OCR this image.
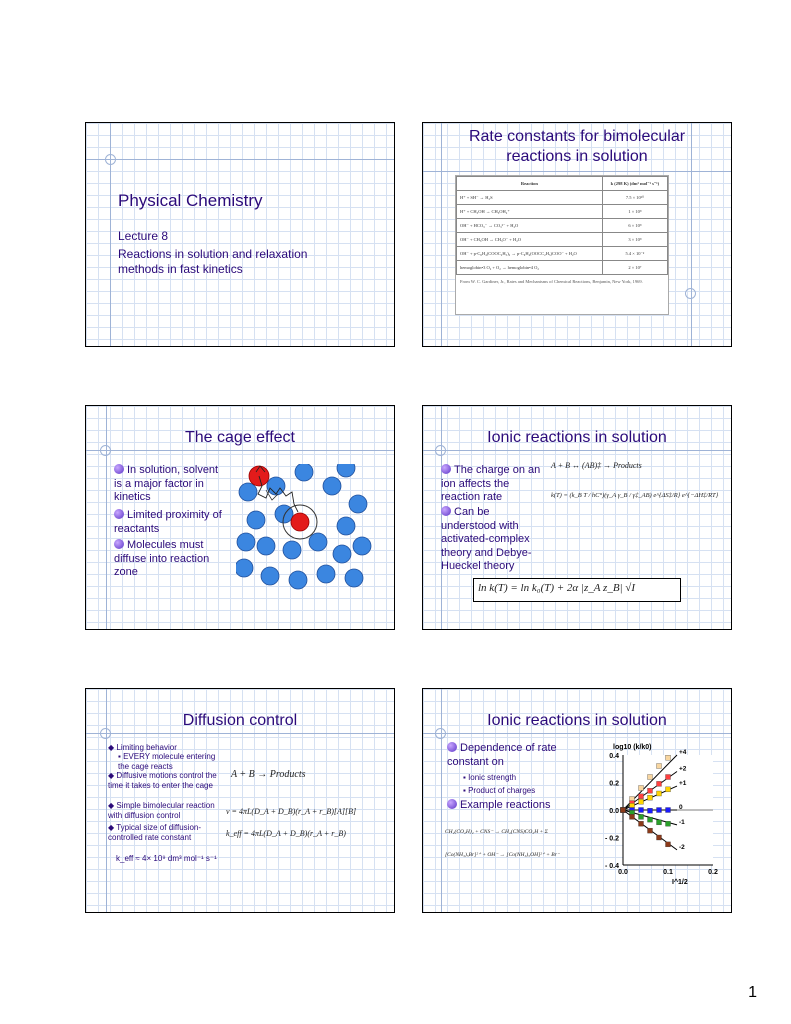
Physical Chemistry
Lecture 8
Reactions in solution and relaxation methods in fast kinetics
Rate constants for bimolecular reactions in solution
Reaction	k (298 K) (dm³ mol⁻¹ s⁻¹)
H⁺ + SH⁻ → H₂S	7.5 × 10¹⁰
H⁺ + CH₃OH → CH₃OH₂⁺	1 × 10⁹
OH⁻ + HCO₃⁻ → CO₃²⁻ + H₂O	6 × 10⁹
OH⁻ + CH₃OH → CH₃O⁻ + H₂O	3 × 10⁹
OH⁻ + p-C₆H₄(COOC₂H₅)₂ → p-C₆H₄(OOCC₂H₅)COO⁻ + H₂O	5.4 × 10⁻²
hemoglobin•3 O₂ + O₂ → hemoglobin•4 O₂	2 × 10⁷
From W. C. Gardiner, Jr., Rates and Mechanisms of Chemical Reactions, Benjamin, New York, 1969.
The cage effect
In solution, solvent is a major factor in kinetics
Limited proximity of reactants
Molecules must diffuse into reaction zone
Ionic reactions in solution
The charge on an ion affects the reaction rate
Can be understood with activated-complex theory and Debye-Hueckel theory
A + B ↔ (AB)‡ → Products
k(T) = (k_B T / hC°)(γ_A γ_B / γ‡_AB) e^{ΔS‡/R} e^{−ΔH‡/RT}
ln k(T) = ln k₀(T) + 2α |z_A z_B| √I
Diffusion control
◆ Limiting behavior
▪ EVERY molecule entering the cage reacts
◆ Diffusive motions control the time it takes to enter the cage
◆ Simple bimolecular reaction with diffusion control
◆ Typical size of diffusion-controlled rate constant
A + B → Products
v = 4πL(D_A + D_B)(r_A + r_B)[A][B]
k_eff = 4πL(D_A + D_B)(r_A + r_B)
k_eff ≈ 4× 10⁹ dm³ mol⁻¹ s⁻¹
Ionic reactions in solution
Dependence of rate constant on
▪ Ionic strength
▪ Product of charges
Example reactions
CH₂(CO₂H)₂ + CNS⁻ → CH₂(CNS)CO₂H + Σ
[Co(NH₃)₅Br]²⁺ + OH⁻ → [Co(NH₃)₅OH]²⁺ + Br⁻
0.4
0.2
0.0
- 0.2
- 0.4
0.0	0.1	0.2
log10 (k/k0)
I^1/2
+4
+2
+1
0
-1
-2
1
